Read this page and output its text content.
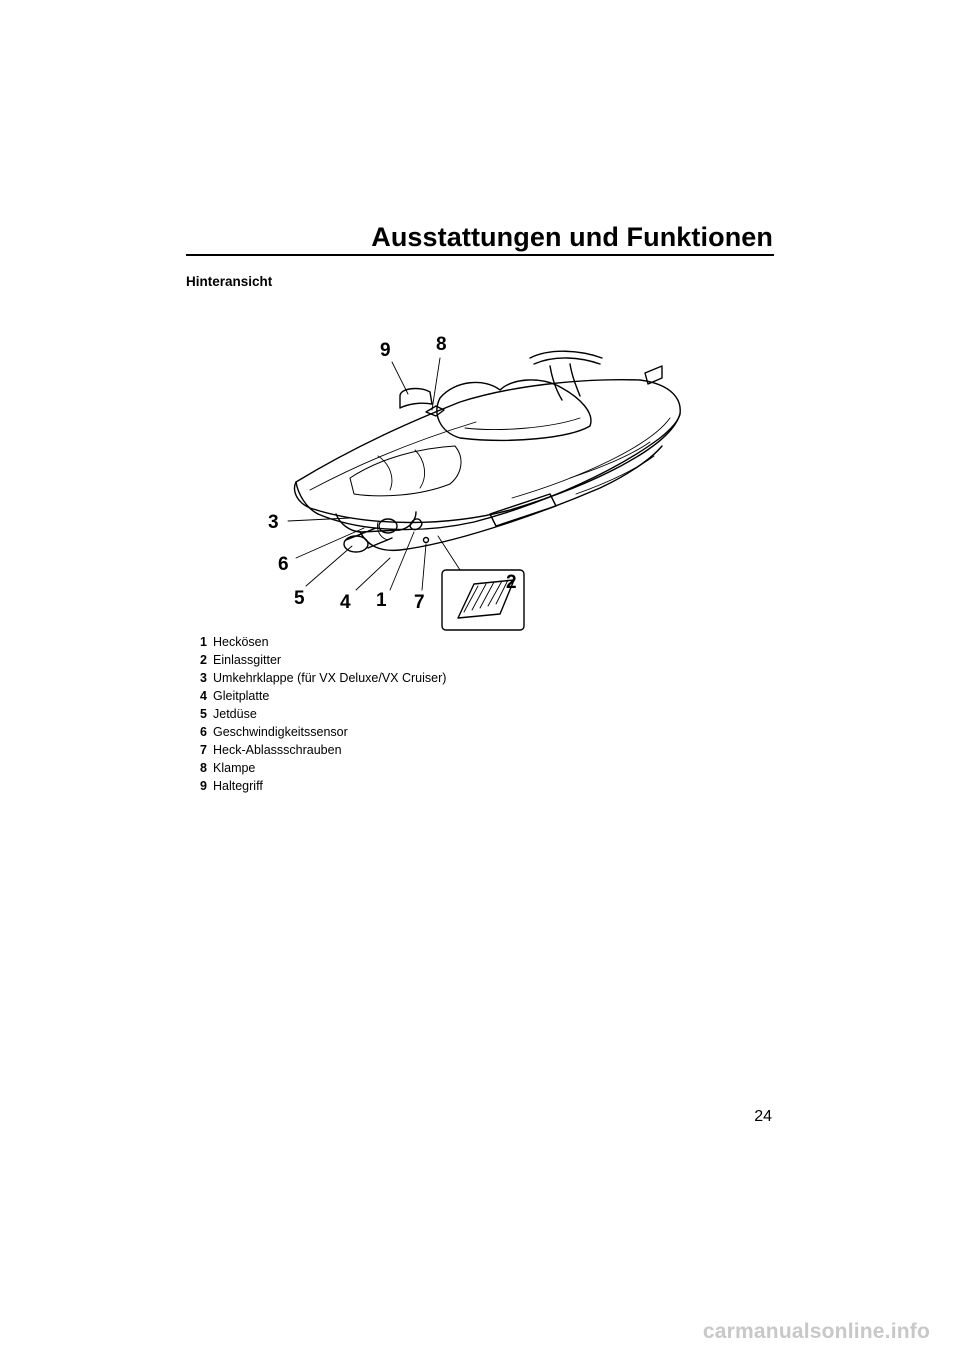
Ausstattungen und Funktionen
Hinteransicht
9 8
3
6
5 4 1 7
2
1 Heckösen
2 Einlassgitter
3 Umkehrklappe (für VX Deluxe/VX Cruiser)
4 Gleitplatte
5 Jetdüse
6 Geschwindigkeitssensor
7 Heck-Ablassschrauben
8 Klampe
9 Haltegriff
24
carmanualsonline.info
